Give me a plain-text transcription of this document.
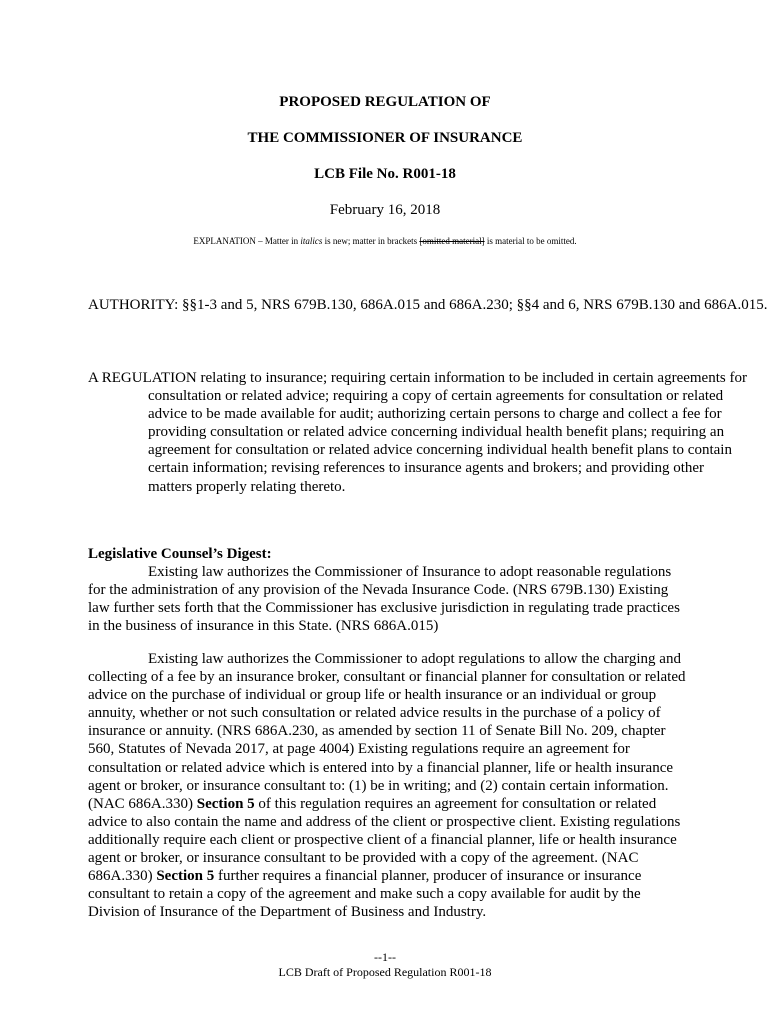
PROPOSED REGULATION OF
THE COMMISSIONER OF INSURANCE
LCB File No. R001-18
February 16, 2018
EXPLANATION – Matter in italics is new; matter in brackets [omitted material] is material to be omitted.
AUTHORITY: §§1-3 and 5, NRS 679B.130, 686A.015 and 686A.230; §§4 and 6, NRS 679B.130 and 686A.015.
A REGULATION relating to insurance; requiring certain information to be included in certain agreements for consultation or related advice; requiring a copy of certain agreements for consultation or related advice to be made available for audit; authorizing certain persons to charge and collect a fee for providing consultation or related advice concerning individual health benefit plans; requiring an agreement for consultation or related advice concerning individual health benefit plans to contain certain information; revising references to insurance agents and brokers; and providing other matters properly relating thereto.
Legislative Counsel’s Digest:

Existing law authorizes the Commissioner of Insurance to adopt reasonable regulations for the administration of any provision of the Nevada Insurance Code. (NRS 679B.130) Existing law further sets forth that the Commissioner has exclusive jurisdiction in regulating trade practices in the business of insurance in this State. (NRS 686A.015)

Existing law authorizes the Commissioner to adopt regulations to allow the charging and collecting of a fee by an insurance broker, consultant or financial planner for consultation or related advice on the purchase of individual or group life or health insurance or an individual or group annuity, whether or not such consultation or related advice results in the purchase of a policy of insurance or annuity. (NRS 686A.230, as amended by section 11 of Senate Bill No. 209, chapter 560, Statutes of Nevada 2017, at page 4004) Existing regulations require an agreement for consultation or related advice which is entered into by a financial planner, life or health insurance agent or broker, or insurance consultant to: (1) be in writing; and (2) contain certain information. (NAC 686A.330) Section 5 of this regulation requires an agreement for consultation or related advice to also contain the name and address of the client or prospective client. Existing regulations additionally require each client or prospective client of a financial planner, life or health insurance agent or broker, or insurance consultant to be provided with a copy of the agreement. (NAC 686A.330) Section 5 further requires a financial planner, producer of insurance or insurance consultant to retain a copy of the agreement and make such a copy available for audit by the Division of Insurance of the Department of Business and Industry.

--1--
LCB Draft of Proposed Regulation R001-18
